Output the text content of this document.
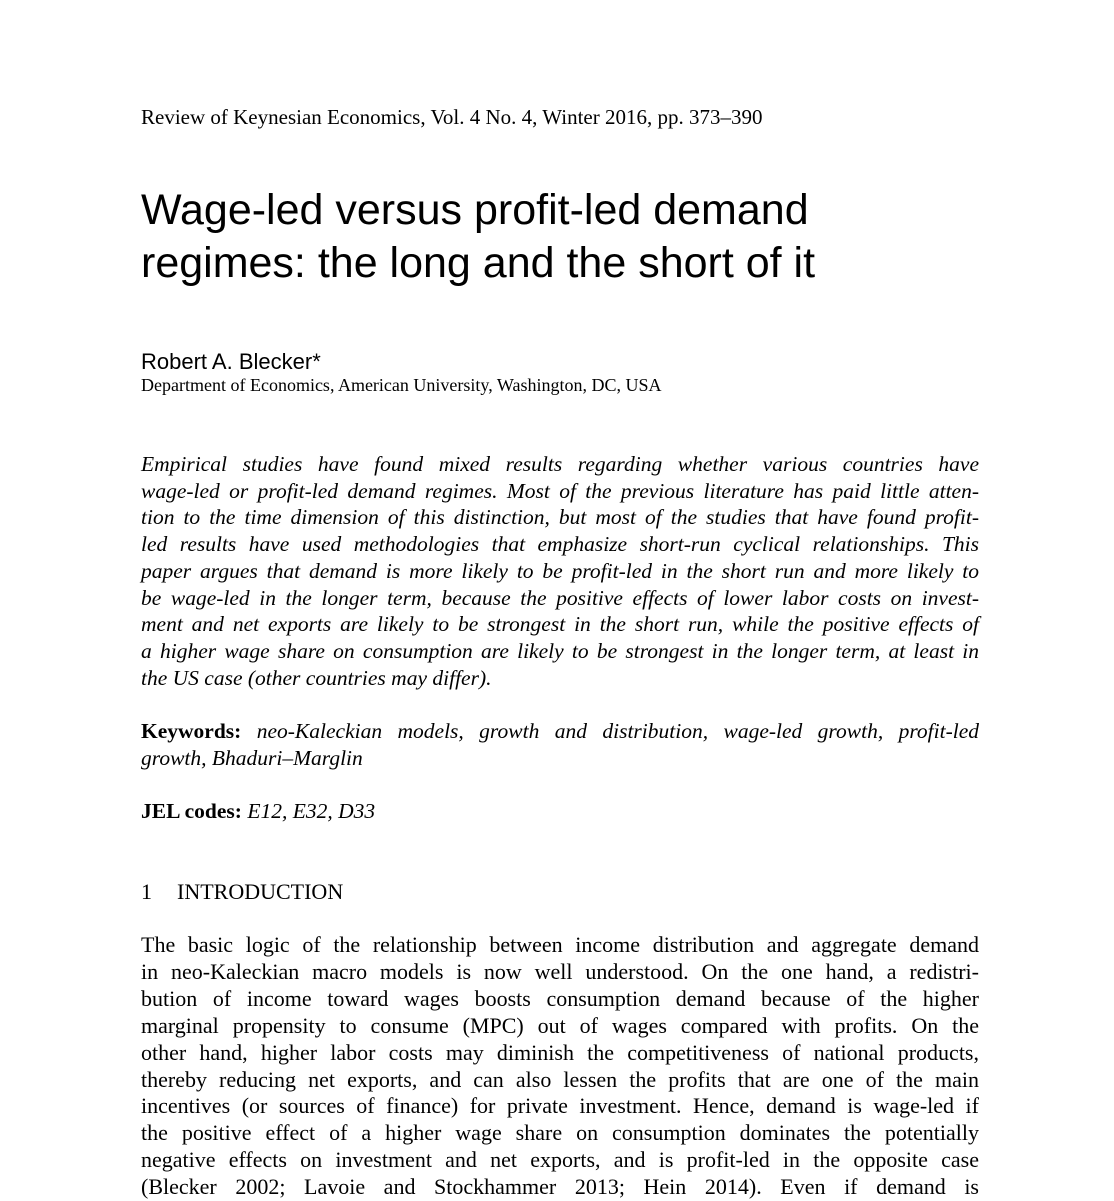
Review of Keynesian Economics, Vol. 4 No. 4, Winter 2016, pp. 373–390
Wage-led versus profit-led demand
regimes: the long and the short of it
Robert A. Blecker*
Department of Economics, American University, Washington, DC, USA
Empirical studies have found mixed results regarding whether various countries have
wage-led or profit-led demand regimes. Most of the previous literature has paid little atten-
tion to the time dimension of this distinction, but most of the studies that have found profit-
led results have used methodologies that emphasize short-run cyclical relationships. This
paper argues that demand is more likely to be profit-led in the short run and more likely to
be wage-led in the longer term, because the positive effects of lower labor costs on invest-
ment and net exports are likely to be strongest in the short run, while the positive effects of
a higher wage share on consumption are likely to be strongest in the longer term, at least in
the US case (other countries may differ).
Keywords: neo-Kaleckian models, growth and distribution, wage-led growth, profit-led
growth, Bhaduri–Marglin
JEL codes: E12, E32, D33
1 INTRODUCTION
The basic logic of the relationship between income distribution and aggregate demand
in neo-Kaleckian macro models is now well understood. On the one hand, a redistri-
bution of income toward wages boosts consumption demand because of the higher
marginal propensity to consume (MPC) out of wages compared with profits. On the
other hand, higher labor costs may diminish the competitiveness of national products,
thereby reducing net exports, and can also lessen the profits that are one of the main
incentives (or sources of finance) for private investment. Hence, demand is wage-led if
the positive effect of a higher wage share on consumption dominates the potentially
negative effects on investment and net exports, and is profit-led in the opposite case
(Blecker 2002; Lavoie and Stockhammer 2013; Hein 2014). Even if demand is
